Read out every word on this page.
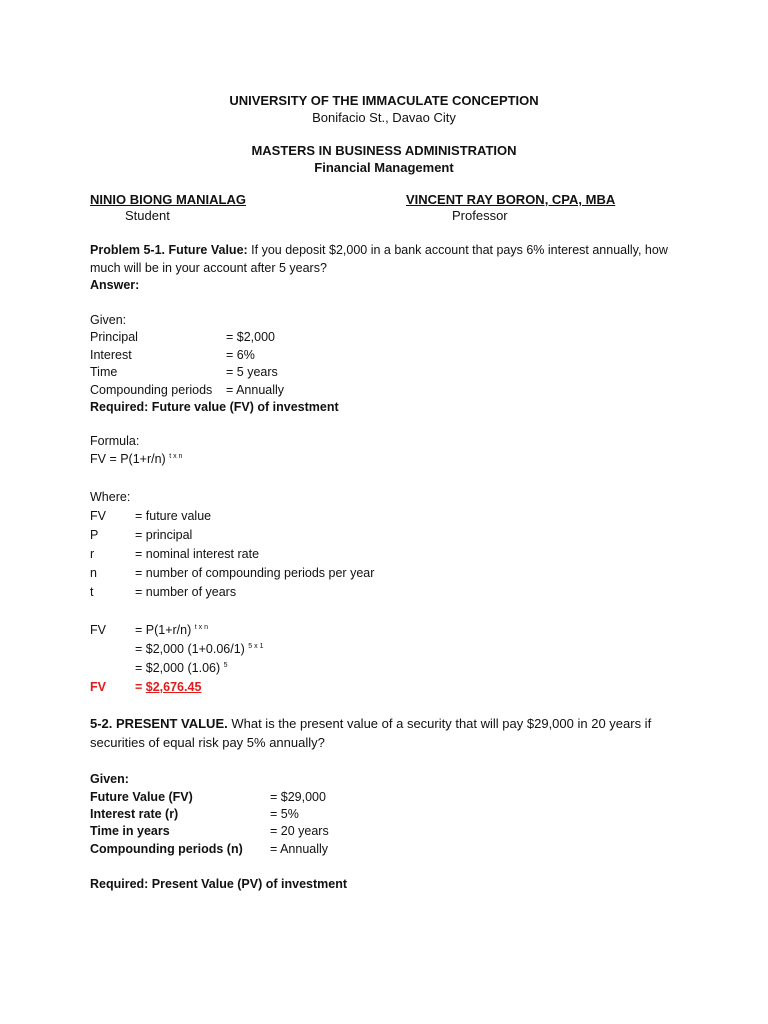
UNIVERSITY OF THE IMMACULATE CONCEPTION
Bonifacio St., Davao City
MASTERS IN BUSINESS ADMINISTRATION
Financial Management
NINIO BIONG MANIALAG
Student
VINCENT RAY BORON, CPA, MBA
Professor
Problem 5-1. Future Value: If you deposit $2,000 in a bank account that pays 6% interest annually, how
much will be in your account after 5 years?
Answer:
Given:
Principal	= $2,000
Interest	= 6%
Time	= 5 years
Compounding periods = Annually
Required: Future value (FV) of investment
Formula:
FV = P(1+r/n) $^{t x n}$
Where:
FV = future value
P	= principal
r	= nominal interest rate
n	= number of compounding periods per year
t	= number of years
FV = P(1+r/n) $^{t x n}$
= $2,000 (1+0.06/1) $^{5 x 1}$
= $2,000 (1.06) $^5$
FV = $2,676.45
5-2. PRESENT VALUE. What is the present value of a security that will pay $29,000 in 20 years if
securities of equal risk pay 5% annually?
Given:
Future Value (FV)	= $29,000
Interest rate (r)	= 5%
Time in years	= 20 years
Compounding periods (n) = Annually
Required: Present Value (PV) of investment
